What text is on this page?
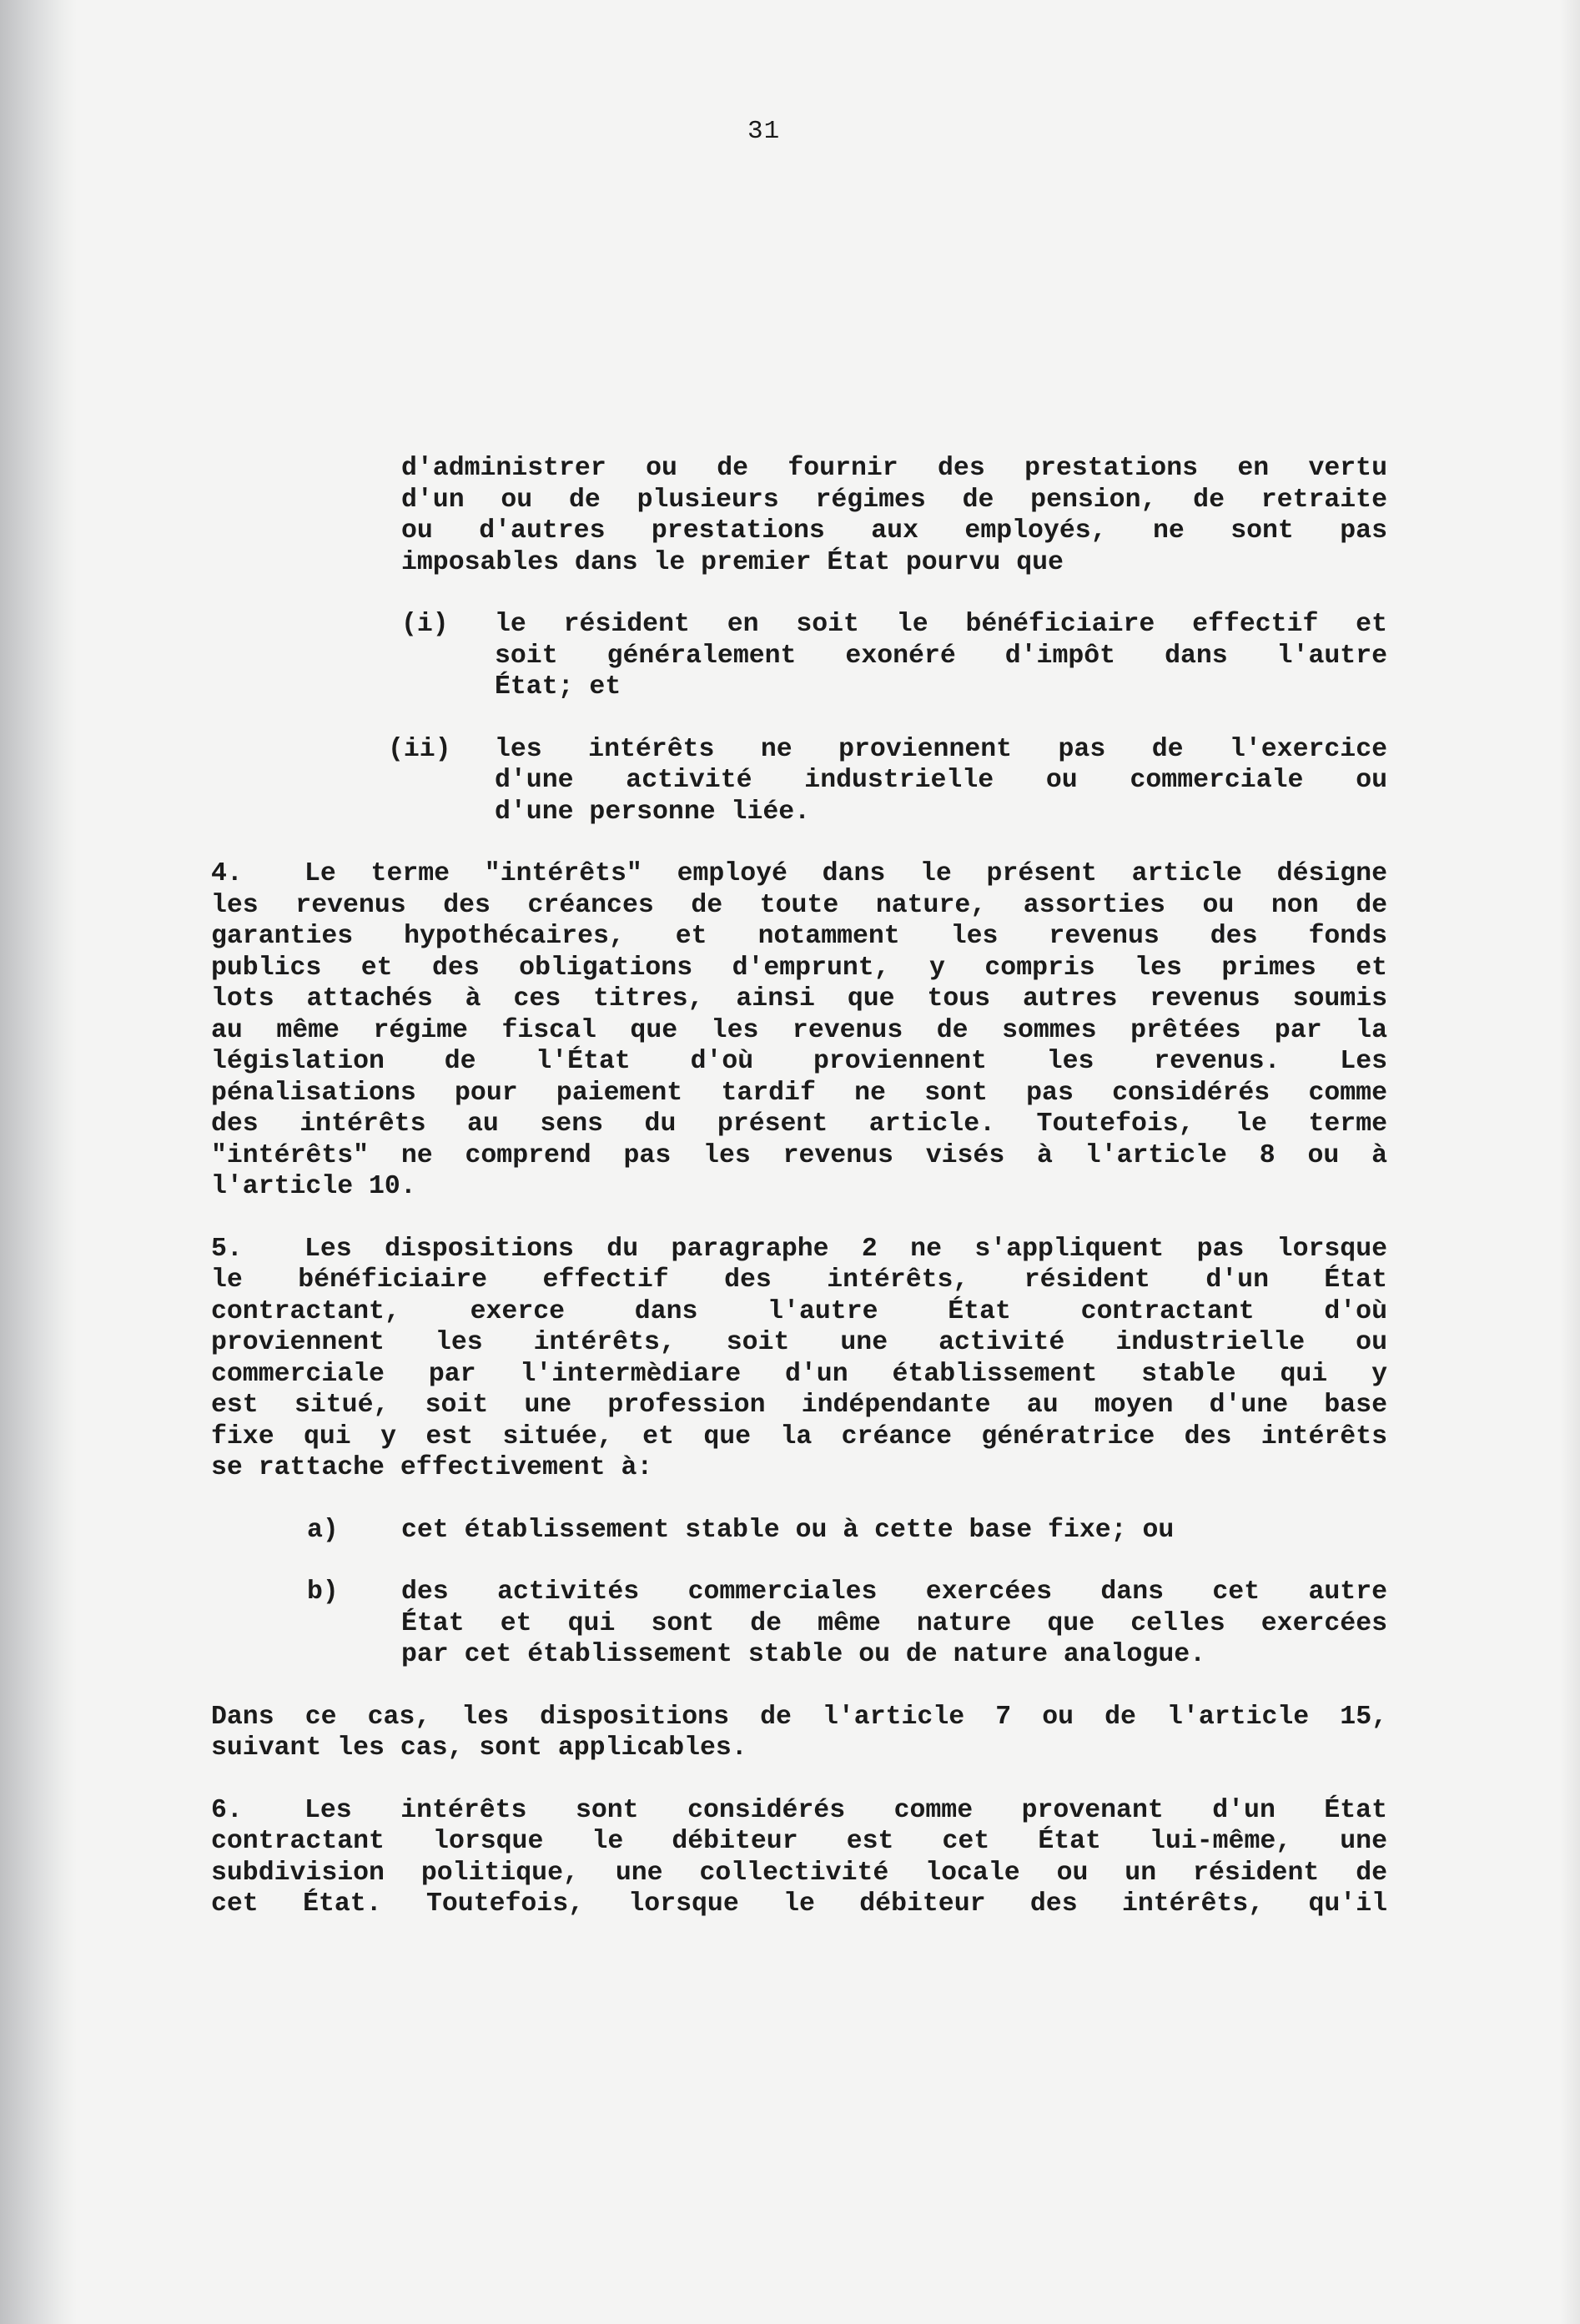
31
d'administrer ou de fournir des prestations en vertu
d'un ou de plusieurs régimes de pension, de retraite
ou d'autres prestations aux employés, ne sont pas
imposables dans le premier État pourvu que
(i) le résident en soit le bénéficiaire effectif et
soit généralement exonéré d'impôt dans l'autre
État; et
(ii) les intérêts ne proviennent pas de l'exercice
d'une activité industrielle ou commerciale ou
d'une personne liée.
4. Le terme "intérêts" employé dans le présent article désigne
les revenus des créances de toute nature, assorties ou non de
garanties hypothécaires, et notamment les revenus des fonds
publics et des obligations d'emprunt, y compris les primes et
lots attachés à ces titres, ainsi que tous autres revenus soumis
au même régime fiscal que les revenus de sommes prêtées par la
législation de l'État d'où proviennent les revenus. Les
pénalisations pour paiement tardif ne sont pas considérés comme
des intérêts au sens du présent article. Toutefois, le terme
"intérêts" ne comprend pas les revenus visés à l'article 8 ou à
l'article 10.
5. Les dispositions du paragraphe 2 ne s'appliquent pas lorsque
le bénéficiaire effectif des intérêts, résident d'un État
contractant, exerce dans l'autre État contractant d'où
proviennent les intérêts, soit une activité industrielle ou
commerciale par l'intermèdiare d'un établissement stable qui y
est situé, soit une profession indépendante au moyen d'une base
fixe qui y est située, et que la créance génératrice des intérêts
se rattache effectivement à:
a) cet établissement stable ou à cette base fixe; ou
b) des activités commerciales exercées dans cet autre
État et qui sont de même nature que celles exercées
par cet établissement stable ou de nature analogue.
Dans ce cas, les dispositions de l'article 7 ou de l'article 15,
suivant les cas, sont applicables.
6. Les intérêts sont considérés comme provenant d'un État
contractant lorsque le débiteur est cet État lui-même, une
subdivision politique, une collectivité locale ou un résident de
cet État. Toutefois, lorsque le débiteur des intérêts, qu'il
